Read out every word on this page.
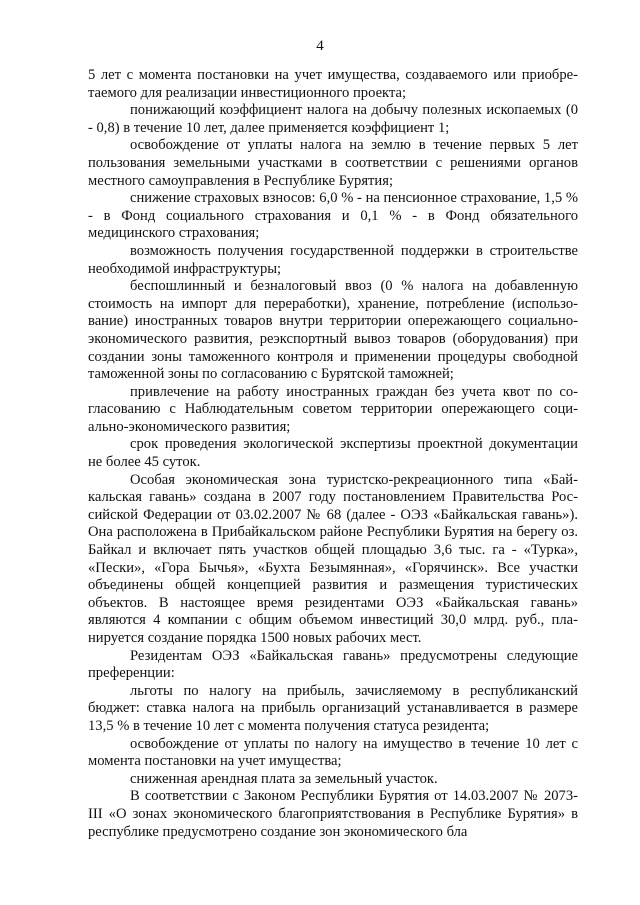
4

5 лет с момента постановки на учет имущества, создаваемого или приобретаемого для реализации инвестиционного проекта;

понижающий коэффициент налога на добычу полезных ископаемых (0 - 0,8) в течение 10 лет, далее применяется коэффициент 1;

освобождение от уплаты налога на землю в течение первых 5 лет пользования земельными участками в соответствии с решениями органов местного самоуправления в Республике Бурятия;

снижение страховых взносов: 6,0 % - на пенсионное страхование, 1,5 % - в Фонд социального страхования и 0,1 % - в Фонд обязательного медицинского страхования;

возможность получения государственной поддержки в строительстве необходимой инфраструктуры;

беспошлинный и безналоговый ввоз (0 % налога на добавленную стоимость на импорт для переработки), хранение, потребление (использование) иностранных товаров внутри территории опережающего социально-экономического развития, реэкспортный вывоз товаров (оборудования) при создании зоны таможенного контроля и применении процедуры свободной таможенной зоны по согласованию с Бурятской таможней;

привлечение на работу иностранных граждан без учета квот по согласованию с Наблюдательным советом территории опережающего социально-экономического развития;

срок проведения экологической экспертизы проектной документации не более 45 суток.

Особая экономическая зона туристско-рекреационного типа «Байкальская гавань» создана в 2007 году постановлением Правительства Российской Федерации от 03.02.2007 № 68 (далее - ОЭЗ «Байкальская гавань»). Она расположена в Прибайкальском районе Республики Бурятия на берегу оз. Байкал и включает пять участков общей площадью 3,6 тыс. га - «Турка», «Пески», «Гора Бычья», «Бухта Безымянная», «Горячинск». Все участки объединены общей концепцией развития и размещения туристических объектов. В настоящее время резидентами ОЭЗ «Байкальская гавань» являются 4 компании с общим объемом инвестиций 30,0 млрд. руб., планируется создание порядка 1500 новых рабочих мест.

Резидентам ОЭЗ «Байкальская гавань» предусмотрены следующие преференции:

льготы по налогу на прибыль, зачисляемому в республиканский бюджет: ставка налога на прибыль организаций устанавливается в размере 13,5 % в течение 10 лет с момента получения статуса резидента;

освобождение от уплаты по налогу на имущество в течение 10 лет с момента постановки на учет имущества;

сниженная арендная плата за земельный участок.

В соответствии с Законом Республики Бурятия от 14.03.2007 № 2073-III «О зонах экономического благоприятствования в Республике Бурятия» в республике предусмотрено создание зон экономического бла
